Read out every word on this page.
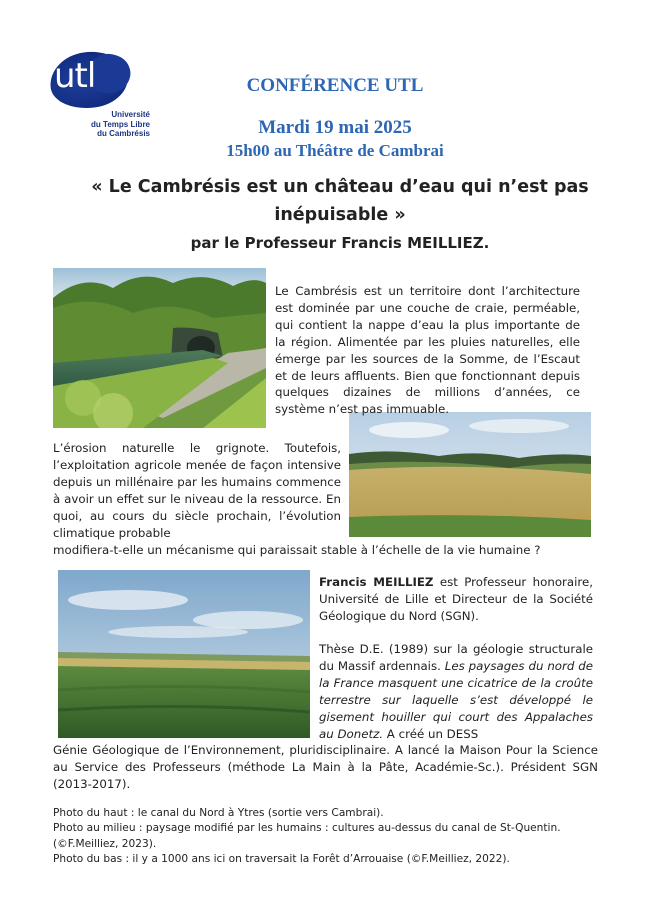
utl
Université
du Temps Libre
du Cambrésis
CONFÉRENCE UTL
Mardi 19 mai 2025
15h00 au Théâtre de Cambrai
« Le Cambrésis est un château d’eau qui n’est pas
inépuisable »
par le Professeur Francis MEILLIEZ.
Le Cambrésis est un territoire dont l’architecture est dominée par une couche de craie, perméable, qui contient la nappe d’eau la plus importante de la région. Alimentée par les pluies naturelles, elle émerge par les sources de la Somme, de l’Escaut et de leurs affluents. Bien que fonctionnant depuis quelques dizaines de millions d’années, ce système n’est pas immuable.
L’érosion naturelle le grignote. Toutefois, l’exploitation agricole menée de façon intensive depuis un millénaire par les humains commence à avoir un effet sur le niveau de la ressource. En quoi, au cours du siècle prochain, l’évolution climatique probable
modifiera-t-elle un mécanisme qui paraissait stable à l’échelle de la vie humaine ?
Francis MEILLIEZ est Professeur honoraire, Université de Lille et Directeur de la Société Géologique du Nord (SGN).
Thèse D.E. (1989) sur la géologie structurale du Massif ardennais. Les paysages du nord de la France masquent une cicatrice de la croûte terrestre sur laquelle s’est développé le gisement houiller qui court des Appalaches au Donetz. A créé un DESS
Génie Géologique de l’Environnement, pluridisciplinaire. A lancé la Maison Pour la Science au Service des Professeurs (méthode La Main à la Pâte, Académie-Sc.). Président SGN (2013-2017).
Photo du haut : le canal du Nord à Ytres (sortie vers Cambrai).
Photo au milieu : paysage modifié par les humains : cultures au-dessus du canal de St-Quentin.
(©F.Meilliez, 2023).
Photo du bas : il y a 1000 ans ici on traversait la Forêt d’Arrouaise (©F.Meilliez, 2022).
